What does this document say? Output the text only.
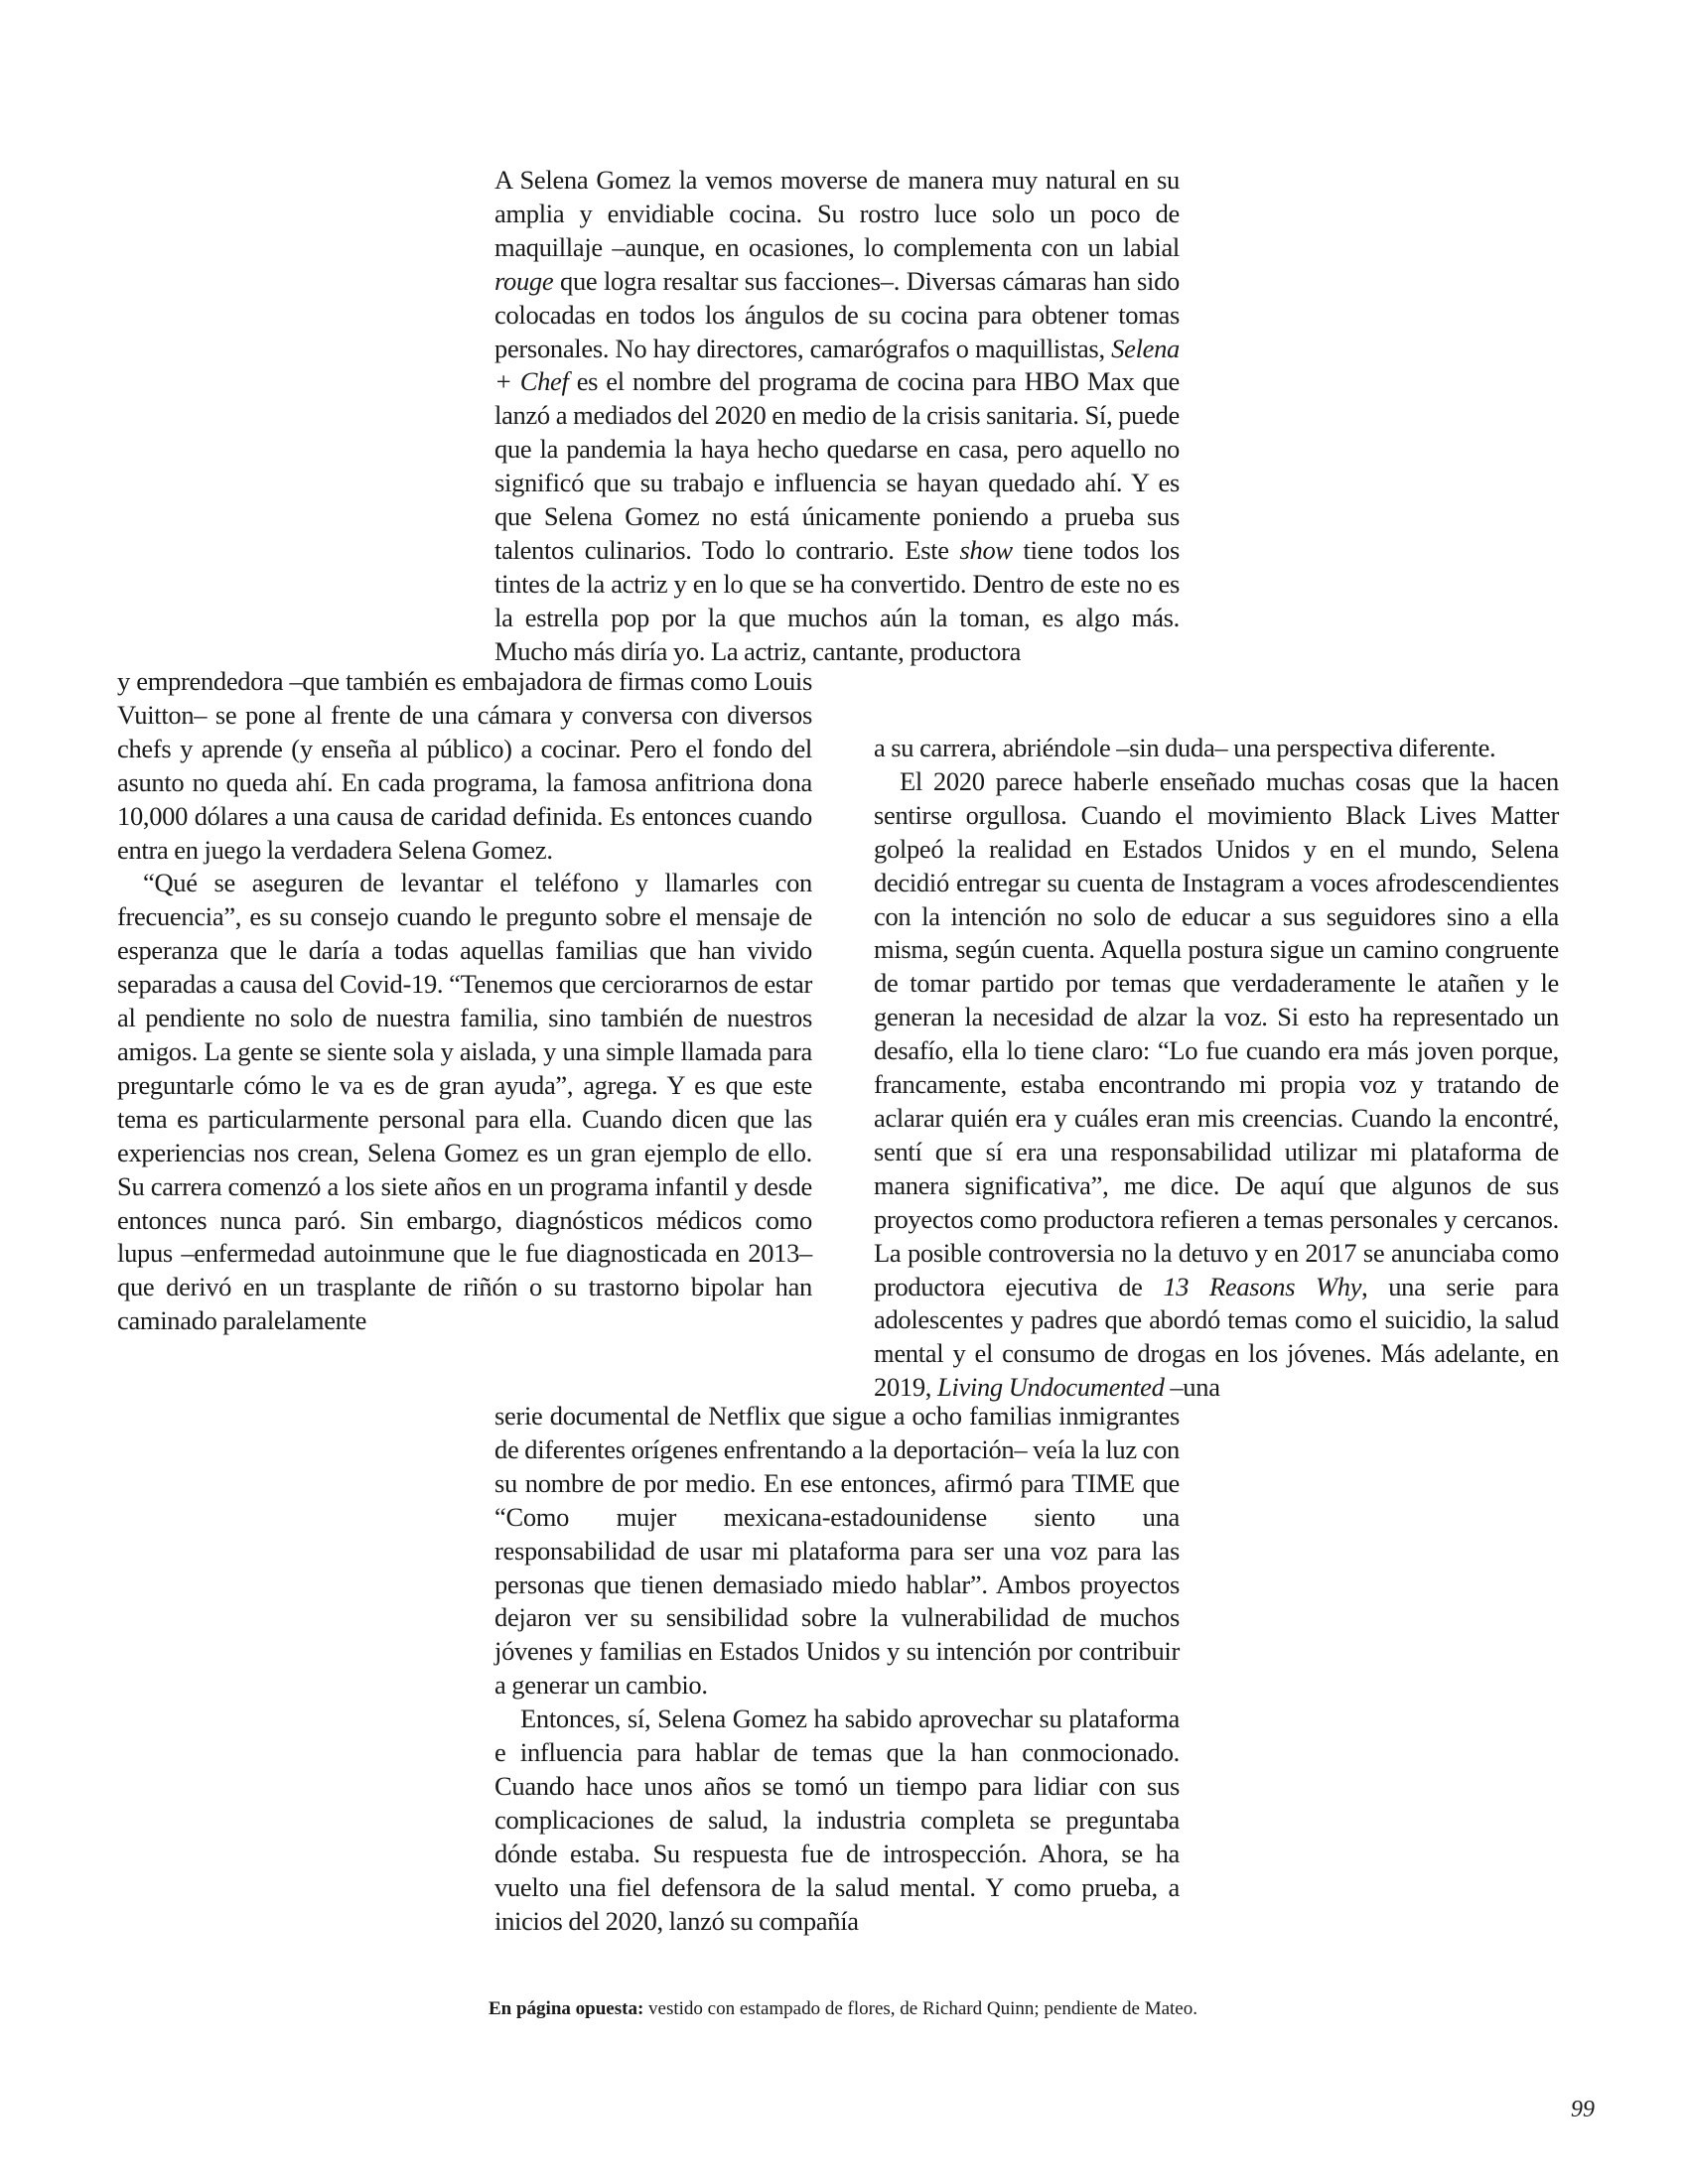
A Selena Gomez la vemos moverse de manera muy natural en su amplia y envidiable cocina. Su rostro luce solo un poco de maquillaje –aunque, en ocasiones, lo complementa con un labial rouge que logra resaltar sus facciones–. Diversas cámaras han sido colocadas en todos los ángulos de su cocina para obtener tomas personales. No hay directores, camarógrafos o maquillistas, Selena + Chef es el nombre del programa de cocina para HBO Max que lanzó a mediados del 2020 en medio de la crisis sanitaria. Sí, puede que la pandemia la haya hecho quedarse en casa, pero aquello no significó que su trabajo e influencia se hayan quedado ahí. Y es que Selena Gomez no está únicamente poniendo a prueba sus talentos culinarios. Todo lo contrario. Este show tiene todos los tintes de la actriz y en lo que se ha convertido. Dentro de este no es la estrella pop por la que muchos aún la toman, es algo más. Mucho más diría yo. La actriz, cantante, productora

y emprendedora –que también es embajadora de firmas como Louis Vuitton– se pone al frente de una cámara y conversa con diversos chefs y aprende (y enseña al público) a cocinar. Pero el fondo del asunto no queda ahí. En cada programa, la famosa anfitriona dona 10,000 dólares a una causa de caridad definida. Es entonces cuando entra en juego la verdadera Selena Gomez.

“Qué se aseguren de levantar el teléfono y llamarles con frecuencia”, es su consejo cuando le pregunto sobre el mensaje de esperanza que le daría a todas aquellas familias que han vivido separadas a causa del Covid-19. “Tenemos que cerciorarnos de estar al pendiente no solo de nuestra familia, sino también de nuestros amigos. La gente se siente sola y aislada, y una simple llamada para preguntarle cómo le va es de gran ayuda”, agrega. Y es que este tema es particularmente personal para ella. Cuando dicen que las experiencias nos crean, Selena Gomez es un gran ejemplo de ello. Su carrera comenzó a los siete años en un programa infantil y desde entonces nunca paró. Sin embargo, diagnósticos médicos como lupus –enfermedad autoinmune que le fue diagnosticada en 2013– que derivó en un trasplante de riñón o su trastorno bipolar han caminado paralelamente

a su carrera, abriéndole –sin duda– una perspectiva diferente.

El 2020 parece haberle enseñado muchas cosas que la hacen sentirse orgullosa. Cuando el movimiento Black Lives Matter golpeó la realidad en Estados Unidos y en el mundo, Selena decidió entregar su cuenta de Instagram a voces afrodescendientes con la intención no solo de educar a sus seguidores sino a ella misma, según cuenta. Aquella postura sigue un camino congruente de tomar partido por temas que verdaderamente le atañen y le generan la necesidad de alzar la voz. Si esto ha representado un desafío, ella lo tiene claro: “Lo fue cuando era más joven porque, francamente, estaba encontrando mi propia voz y tratando de aclarar quién era y cuáles eran mis creencias. Cuando la encontré, sentí que sí era una responsabilidad utilizar mi plataforma de manera significativa”, me dice. De aquí que algunos de sus proyectos como productora refieren a temas personales y cercanos. La posible controversia no la detuvo y en 2017 se anunciaba como productora ejecutiva de 13 Reasons Why, una serie para adolescentes y padres que abordó temas como el suicidio, la salud mental y el consumo de drogas en los jóvenes. Más adelante, en 2019, Living Undocumented –una

serie documental de Netflix que sigue a ocho familias inmigrantes de diferentes orígenes enfrentando a la deportación– veía la luz con su nombre de por medio. En ese entonces, afirmó para TIME que “Como mujer mexicana-estadounidense siento una responsabilidad de usar mi plataforma para ser una voz para las personas que tienen demasiado miedo hablar”. Ambos proyectos dejaron ver su sensibilidad sobre la vulnerabilidad de muchos jóvenes y familias en Estados Unidos y su intención por contribuir a generar un cambio.

Entonces, sí, Selena Gomez ha sabido aprovechar su plataforma e influencia para hablar de temas que la han conmocionado. Cuando hace unos años se tomó un tiempo para lidiar con sus complicaciones de salud, la industria completa se preguntaba dónde estaba. Su respuesta fue de introspección. Ahora, se ha vuelto una fiel defensora de la salud mental. Y como prueba, a inicios del 2020, lanzó su compañía

En página opuesta: vestido con estampado de flores, de Richard Quinn; pendiente de Mateo.
99
